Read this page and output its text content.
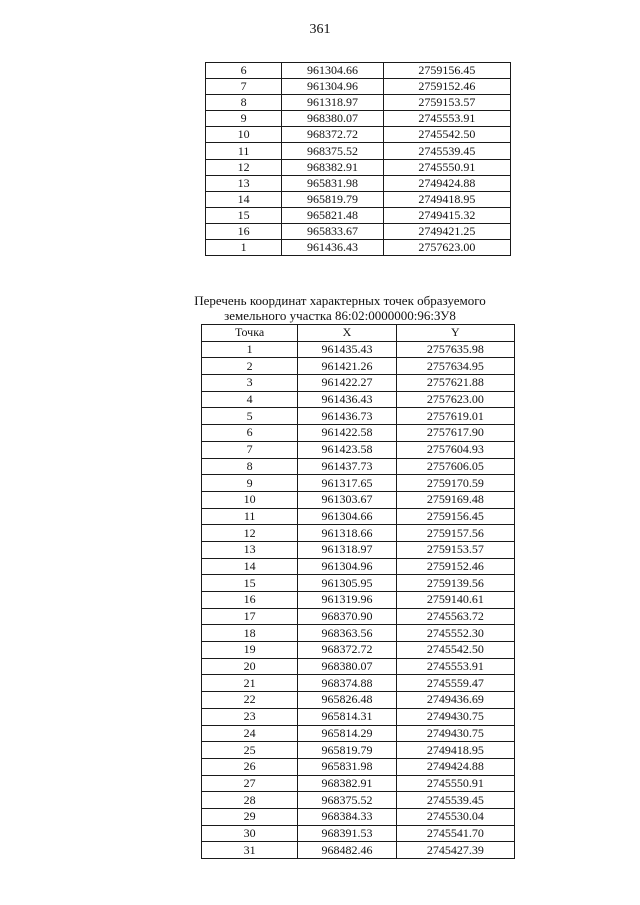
361
6	961304.66	2759156.45
7	961304.96	2759152.46
8	961318.97	2759153.57
9	968380.07	2745553.91
10	968372.72	2745542.50
11	968375.52	2745539.45
12	968382.91	2745550.91
13	965831.98	2749424.88
14	965819.79	2749418.95
15	965821.48	2749415.32
16	965833.67	2749421.25
1	961436.43	2757623.00
Перечень координат характерных точек образуемого
земельного участка 86:02:0000000:96:ЗУ8
Точка	X	Y
1	961435.43	2757635.98
2	961421.26	2757634.95
3	961422.27	2757621.88
4	961436.43	2757623.00
5	961436.73	2757619.01
6	961422.58	2757617.90
7	961423.58	2757604.93
8	961437.73	2757606.05
9	961317.65	2759170.59
10	961303.67	2759169.48
11	961304.66	2759156.45
12	961318.66	2759157.56
13	961318.97	2759153.57
14	961304.96	2759152.46
15	961305.95	2759139.56
16	961319.96	2759140.61
17	968370.90	2745563.72
18	968363.56	2745552.30
19	968372.72	2745542.50
20	968380.07	2745553.91
21	968374.88	2745559.47
22	965826.48	2749436.69
23	965814.31	2749430.75
24	965814.29	2749430.75
25	965819.79	2749418.95
26	965831.98	2749424.88
27	968382.91	2745550.91
28	968375.52	2745539.45
29	968384.33	2745530.04
30	968391.53	2745541.70
31	968482.46	2745427.39
